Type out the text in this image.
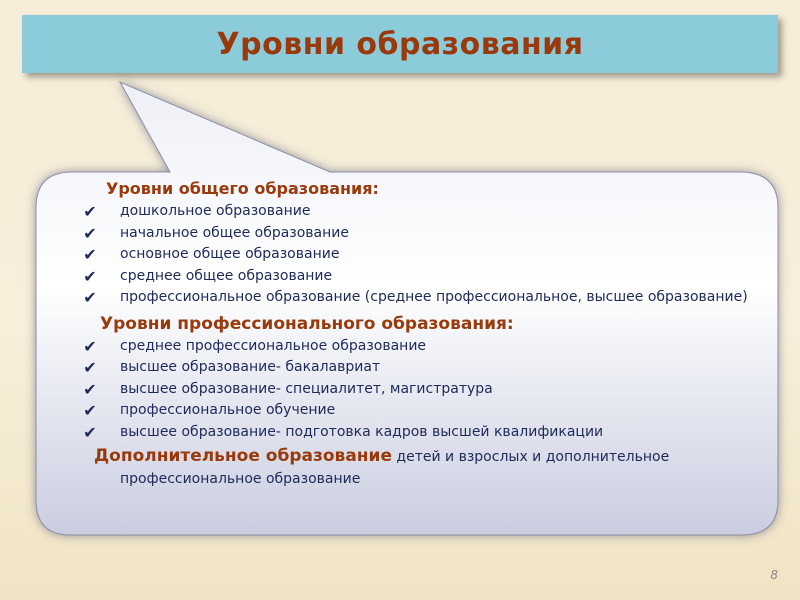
Уровни образования
Уровни общего образования:
✔	дошкольное образование
✔	начальное общее образование
✔	основное общее образование
✔	среднее общее образование
✔	профессиональное образование (среднее профессиональное, высшее образование)
Уровни профессионального образования:
✔	среднее профессиональное образование
✔	высшее образование- бакалавриат
✔	высшее образование- специалитет, магистратура
✔	профессиональное обучение
✔	высшее образование- подготовка кадров высшей квалификации
Дополнительное образование детей и взрослых и дополнительное
профессиональное образование
8
